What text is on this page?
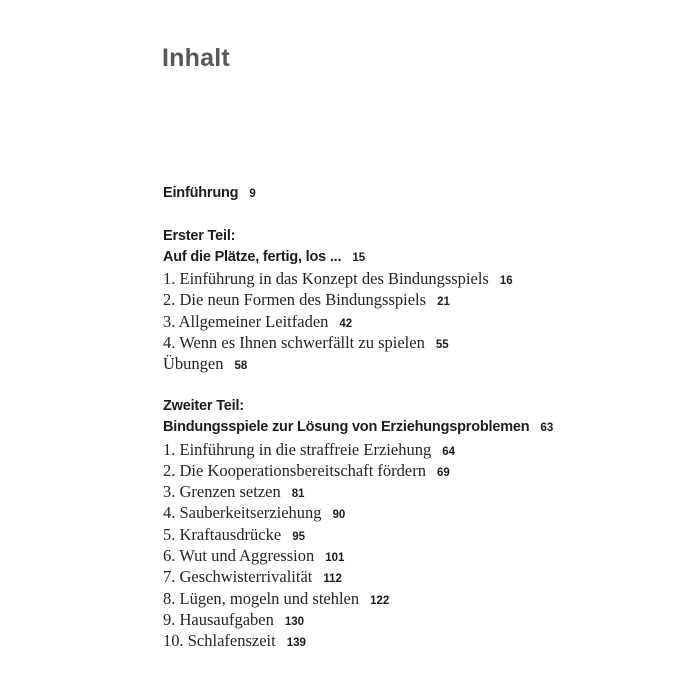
Inhalt
Einführung 9
Erster Teil:
Auf die Plätze, fertig, los ... 15
1. Einführung in das Konzept des Bindungsspiels 16
2. Die neun Formen des Bindungsspiels 21
3. Allgemeiner Leitfaden 42
4. Wenn es Ihnen schwerfällt zu spielen 55
Übungen 58
Zweiter Teil:
Bindungsspiele zur Lösung von Erziehungsproblemen 63
1. Einführung in die straffreie Erziehung 64
2. Die Kooperationsbereitschaft fördern 69
3. Grenzen setzen 81
4. Sauberkeitserziehung 90
5. Kraftausdrücke 95
6. Wut und Aggression 101
7. Geschwisterrivalität 112
8. Lügen, mogeln und stehlen 122
9. Hausaufgaben 130
10. Schlafenszeit 139
